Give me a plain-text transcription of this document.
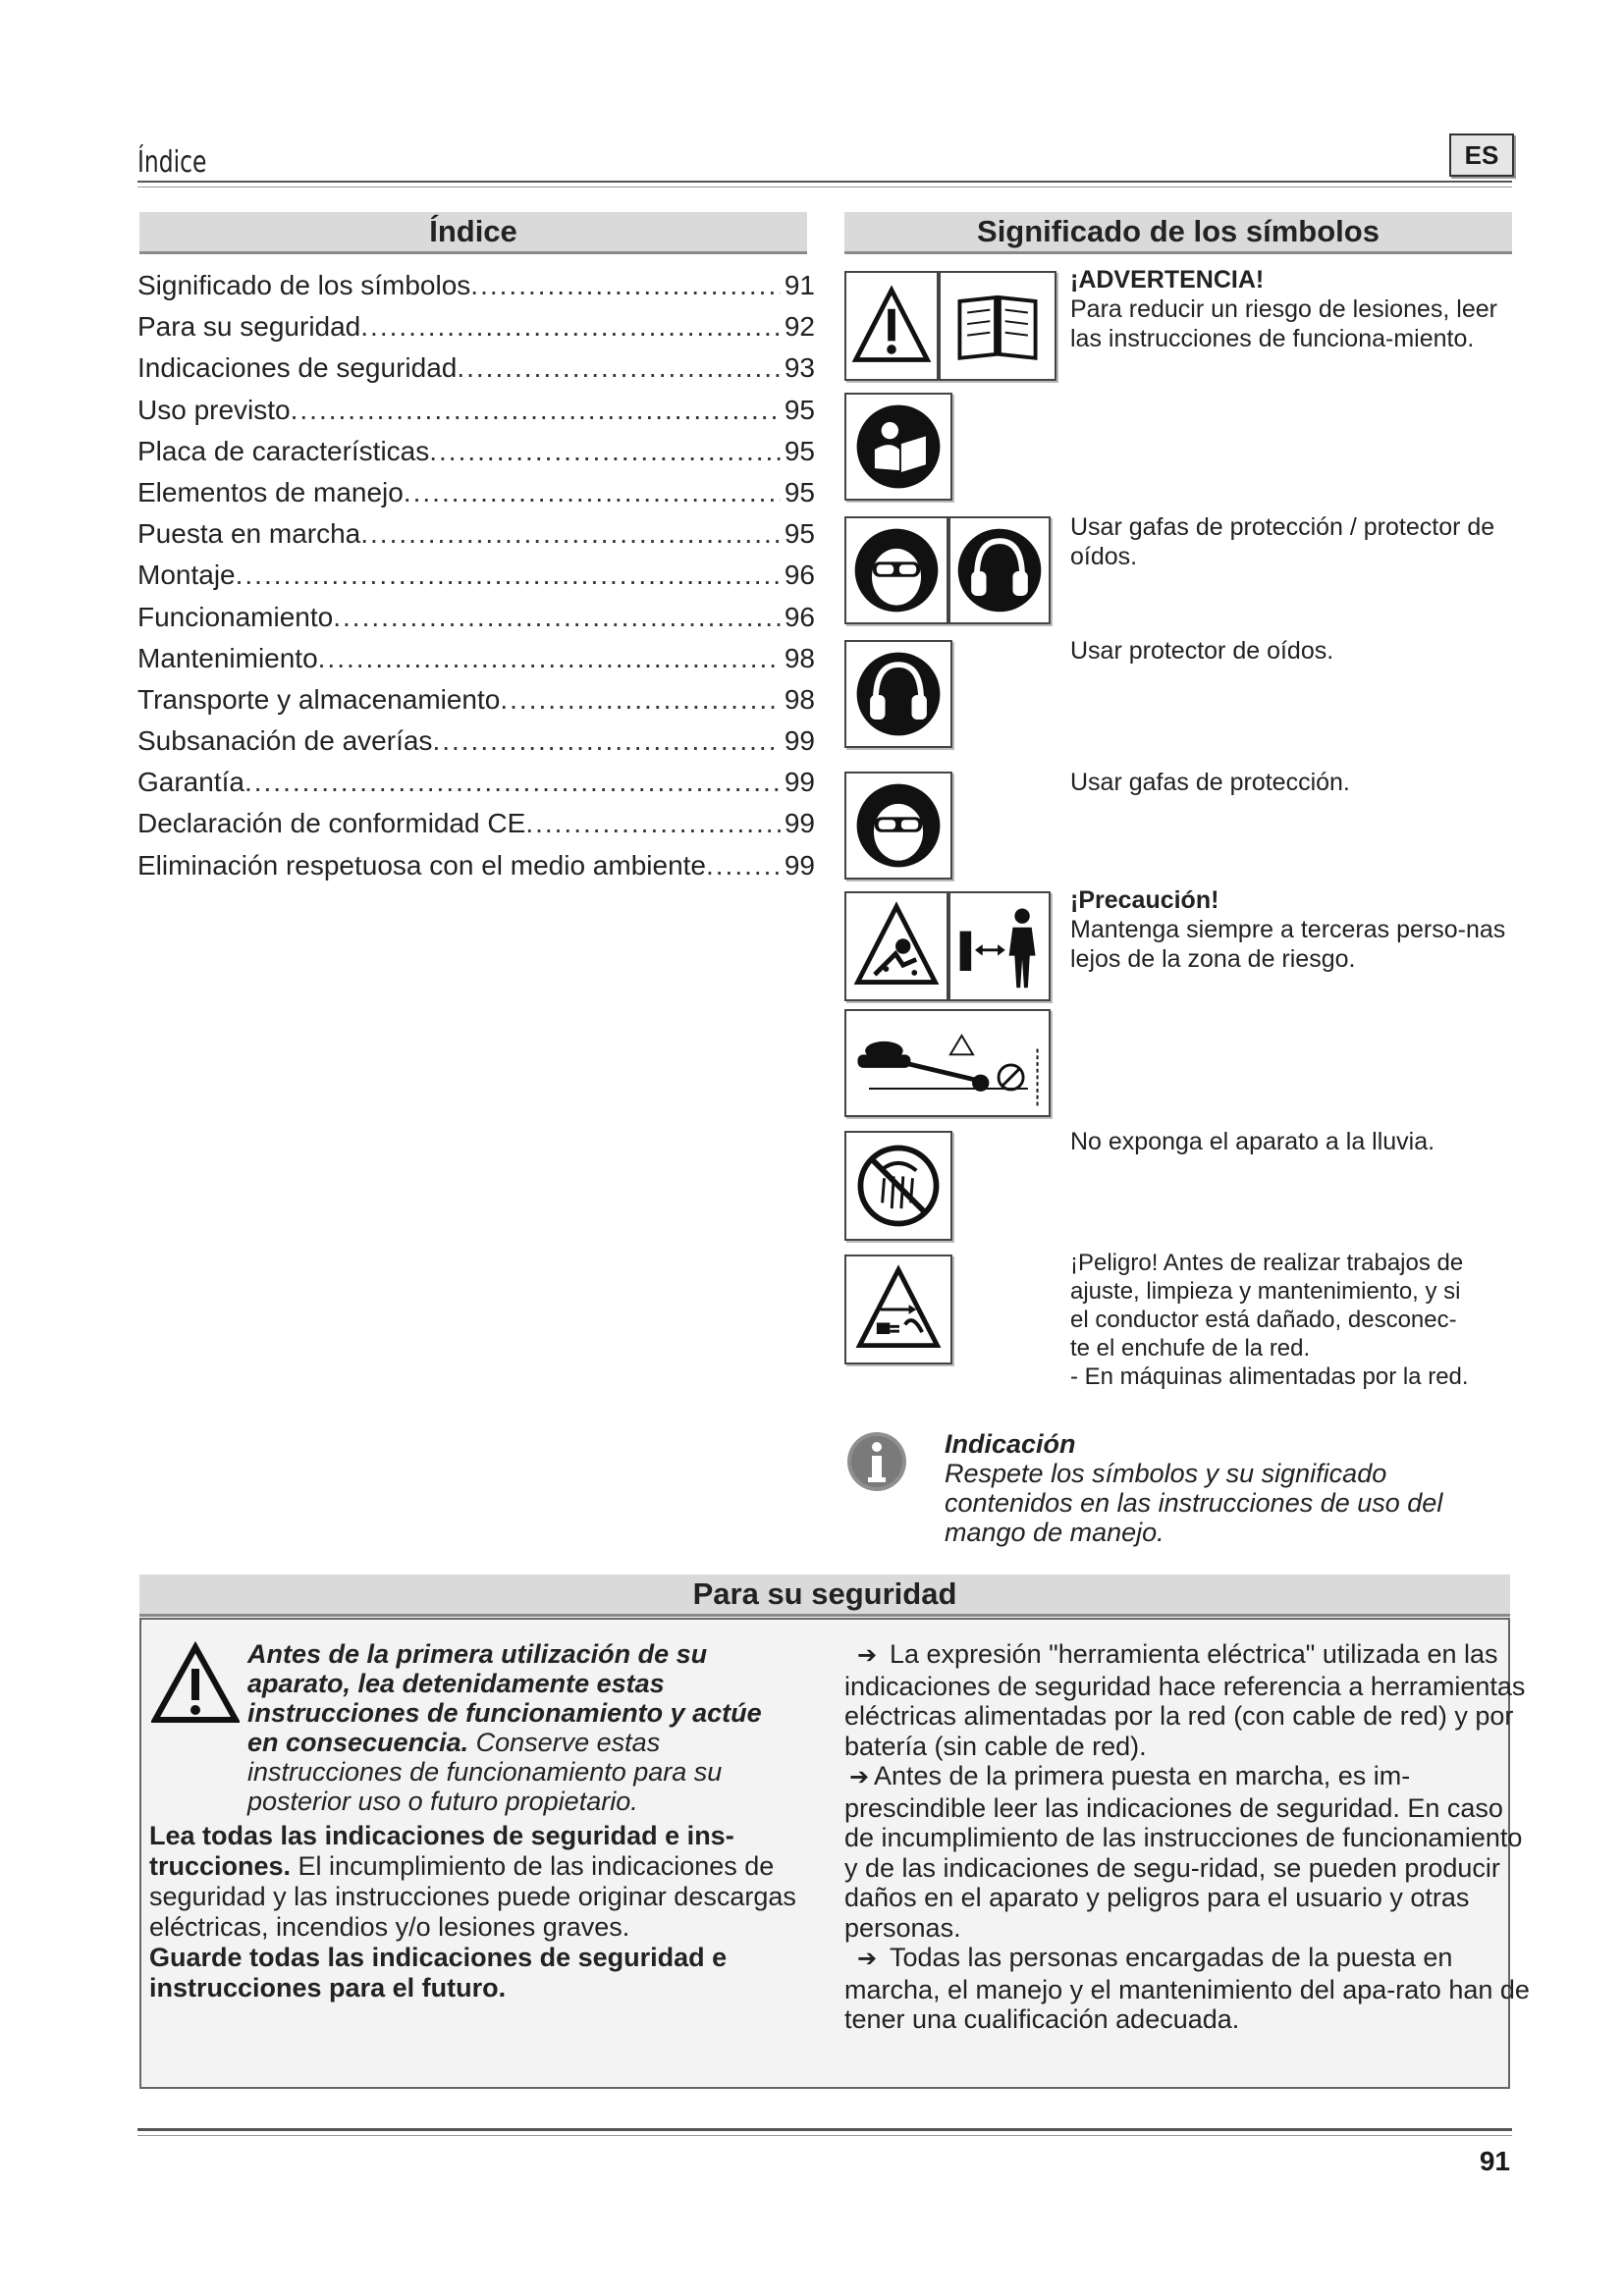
Índice	ES
Índice
Significado de los símbolos .....	91
Para su seguridad .....	92
Indicaciones de seguridad .....	93
Uso previsto .....	95
Placa de características .....	95
Elementos de manejo .....	95
Puesta en marcha .....	95
Montaje .....	96
Funcionamiento .....	96
Mantenimiento .....	98
Transporte y almacenamiento .....	98
Subsanación de averías .....	99
Garantía .....	99
Declaración de conformidad CE .....	99
Eliminación respetuosa con el medio ambiente .....	99
Significado de los símbolos
¡ADVERTENCIA!
Para reducir un riesgo de lesiones, leer las instrucciones de funciona-miento.
Usar gafas de protección / protector de oídos.
Usar protector de oídos.
Usar gafas de protección.
¡Precaución!
Mantenga siempre a terceras perso-nas lejos de la zona de riesgo.
No exponga el aparato a la lluvia.
¡Peligro! Antes de realizar trabajos de
ajuste, limpieza y mantenimiento, y si
el conductor está dañado, desconec-
te el enchufe de la red.
- En máquinas alimentadas por la red.
Indicación
Respete los símbolos y su significado contenidos en las instrucciones de uso del mango de manejo.
Para su seguridad
Antes de la primera utilización de su aparato, lea detenidamente estas instrucciones de funcionamiento y actúe en consecuencia. Conserve estas instrucciones de funcionamiento para su posterior uso o futuro propietario.
Lea todas las indicaciones de seguridad e ins-trucciones. El incumplimiento de las indicaciones de seguridad y las instrucciones puede originar descargas eléctricas, incendios y/o lesiones graves.
Guarde todas las indicaciones de seguridad e instrucciones para el futuro.

➔ La expresión "herramienta eléctrica" utilizada en las indicaciones de seguridad hace referencia a herramientas eléctricas alimentadas por la red (con cable de red) y por batería (sin cable de red).

➔ Antes de la primera puesta en marcha, es im-prescindible leer las indicaciones de seguridad. En caso de incumplimiento de las instrucciones de funcionamiento y de las indicaciones de segu-ridad, se pueden producir daños en el aparato y peligros para el usuario y otras personas.

➔ Todas las personas encargadas de la puesta en marcha, el manejo y el mantenimiento del apa-rato han de tener una cualificación adecuada.

91
